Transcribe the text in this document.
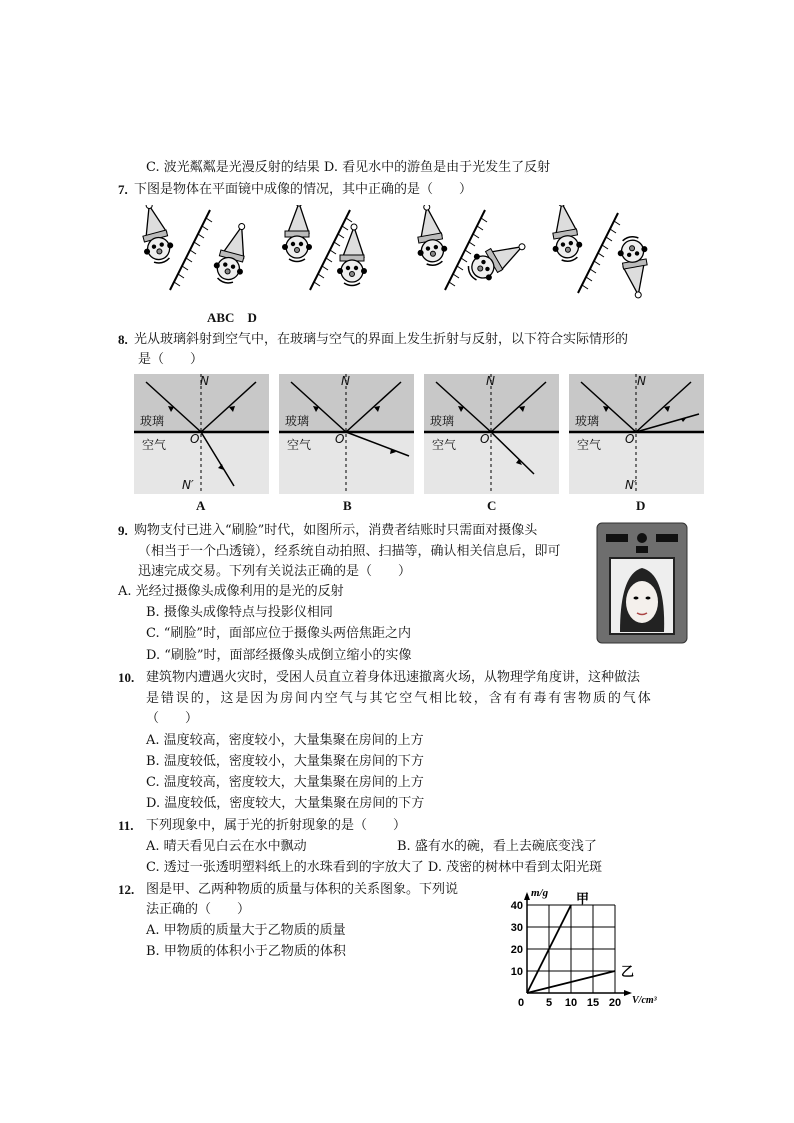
C. 波光粼粼是光漫反射的结果 D. 看见水中的游鱼是由于光发生了反射
7. 下图是物体在平面镜中成像的情况，其中正确的是（　　）
ABC　D
8. 光从玻璃斜射到空气中，在玻璃与空气的界面上发生折射与反射，以下符合实际情形的
是（　　）
玻璃
空气
N
O
N′
玻璃
空气
N
O
玻璃
空气
N
O
玻璃
空气
N
O
N′
A	B	C	D
9. 购物支付已进入“刷脸”时代，如图所示，消费者结账时只需面对摄像头
（相当于一个凸透镜），经系统自动拍照、扫描等，确认相关信息后，即可
迅速完成交易。下列有关说法正确的是（　　）
A. 光经过摄像头成像利用的是光的反射
B. 摄像头成像特点与投影仪相同
C. “刷脸”时，面部应位于摄像头两倍焦距之内
D. “刷脸”时，面部经摄像头成倒立缩小的实像
10. 建筑物内遭遇火灾时，受困人员直立着身体迅速撤离火场，从物理学角度讲，这种做法
是错误的，这是因为房间内空气与其它空气相比较，含有有毒有害物质的气体
（　　）
A. 温度较高，密度较小，大量集聚在房间的上方
B. 温度较低，密度较小，大量集聚在房间的下方
C. 温度较高，密度较大，大量集聚在房间的上方
D. 温度较低，密度较大，大量集聚在房间的下方
11. 下列现象中，属于光的折射现象的是（　　）
A. 晴天看见白云在水中飘动	B. 盛有水的碗，看上去碗底变浅了
C. 透过一张透明塑料纸上的水珠看到的字放大了 D. 茂密的树林中看到太阳光斑
12. 图是甲、乙两种物质的质量与体积的关系图象。下列说
法正确的（　　）
A. 甲物质的质量大于乙物质的质量
B. 甲物质的体积小于乙物质的体积
10
20
30
40
0 5 10 15 20
m/g
V/cm³
甲
乙
